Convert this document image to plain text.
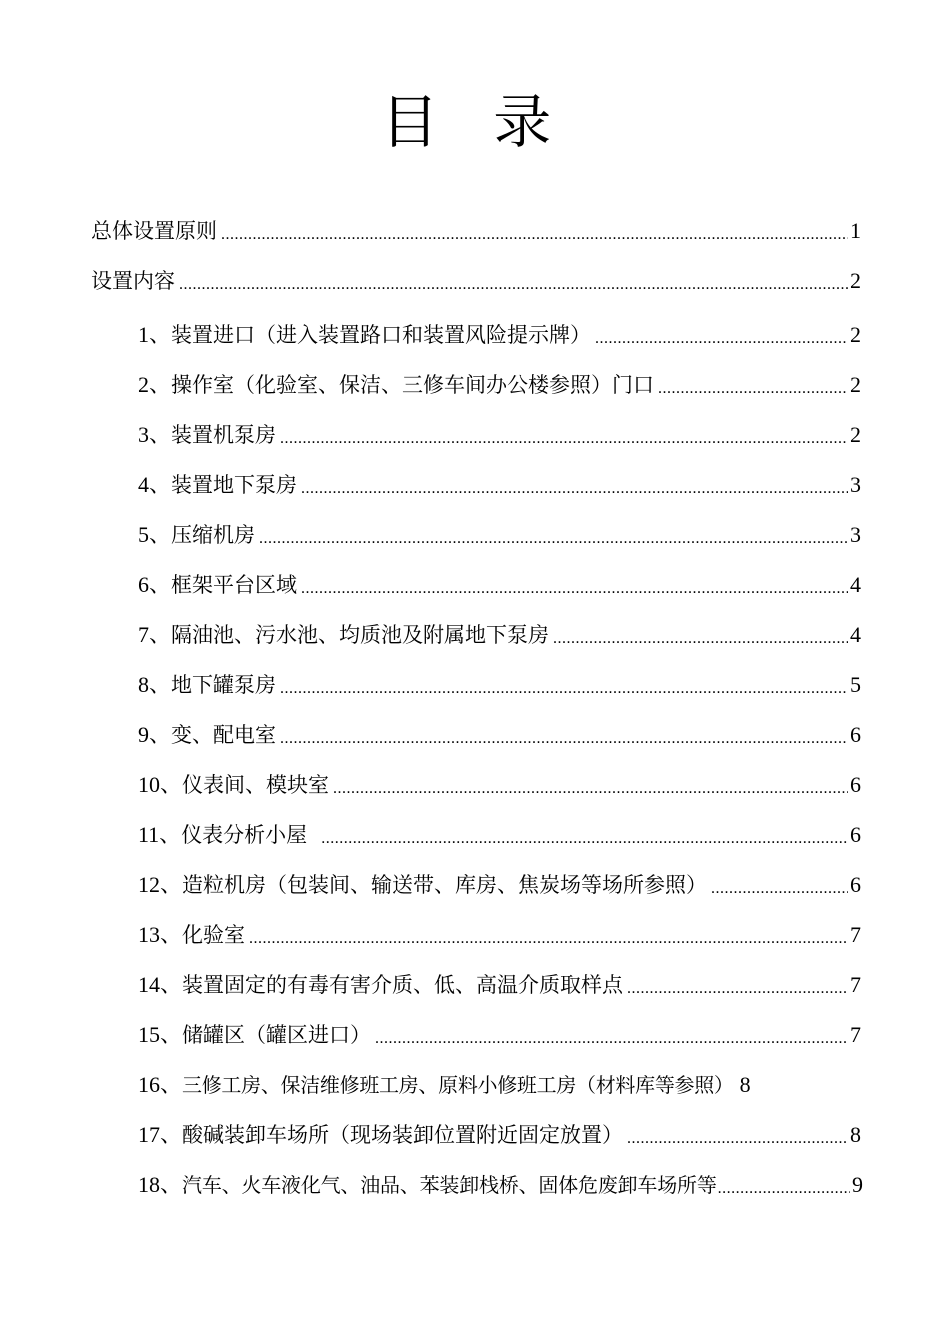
目 录
总体设置原则 .....	1
设置内容 .....	2
1、 装置进口（进入装置路口和装置风险提示牌） .....	2
2、 操作室（化验室、保洁、三修车间办公楼参照）门口 .....	2
3、 装置机泵房 .....	2
4、 装置地下泵房 .....	3
5、 压缩机房 .....	3
6、 框架平台区域 .....	4
7、 隔油池、污水池、均质池及附属地下泵房 .....	4
8、 地下罐泵房 .....	5
9、 变、配电室 .....	6
10、 仪表间、模块室 .....	6
11、 仪表分析小屋 .....	6
12、 造粒机房（包装间、输送带、库房、焦炭场等场所参照） .....	6
13、 化验室 .....	7
14、 装置固定的有毒有害介质、低、高温介质取样点 .....	7
15、 储罐区（罐区进口） .....	7
16、 三修工房、保洁维修班工房、原料小修班工房（材料库等参照） 8
17、 酸碱装卸车场所（现场装卸位置附近固定放置） .....	8
18、 汽车、火车液化气、油品、苯装卸栈桥、固体危废卸车场所等 .....	9
